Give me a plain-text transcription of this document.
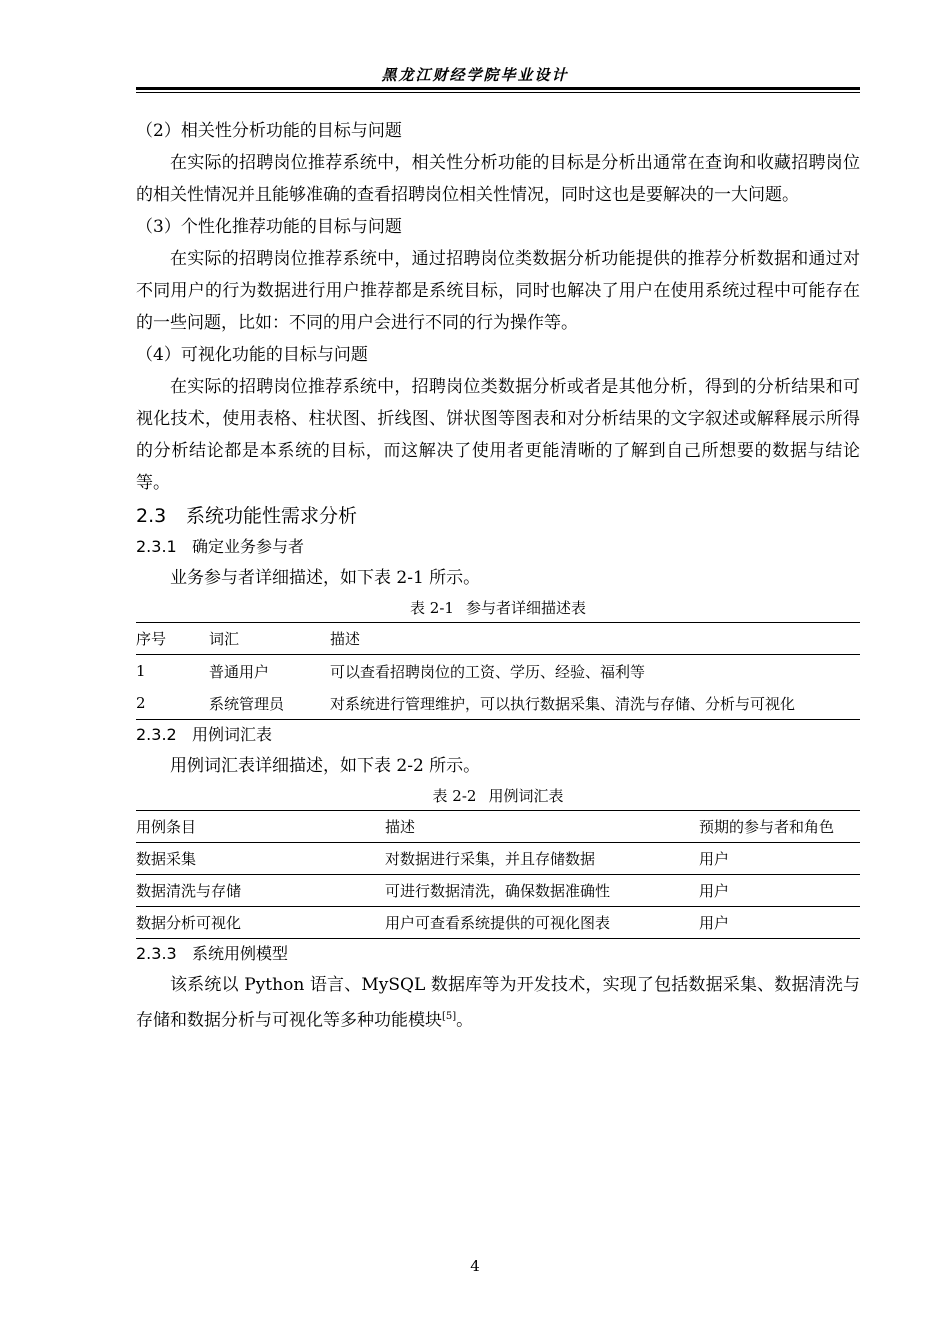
黑龙江财经学院毕业设计
（2）相关性分析功能的目标与问题

在实际的招聘岗位推荐系统中，相关性分析功能的目标是分析出通常在查询和收藏招聘岗位的相关性情况并且能够准确的查看招聘岗位相关性情况，同时这也是要解决的一大问题。

（3）个性化推荐功能的目标与问题

在实际的招聘岗位推荐系统中，通过招聘岗位类数据分析功能提供的推荐分析数据和通过对不同用户的行为数据进行用户推荐都是系统目标，同时也解决了用户在使用系统过程中可能存在的一些问题，比如：不同的用户会进行不同的行为操作等。

（4）可视化功能的目标与问题

在实际的招聘岗位推荐系统中，招聘岗位类数据分析或者是其他分析，得到的分析结果和可视化技术，使用表格、柱状图、折线图、饼状图等图表和对分析结果的文字叙述或解释展示所得的分析结论都是本系统的目标，而这解决了使用者更能清晰的了解到自己所想要的数据与结论等。

2.3 系统功能性需求分析
2.3.1 确定业务参与者

业务参与者详细描述，如下表 2-1 所示。

表 2-1 参与者详细描述表
序号	词汇	描述
1	普通用户	可以查看招聘岗位的工资、学历、经验、福利等
2	系统管理员	对系统进行管理维护，可以执行数据采集、清洗与存储、分析与可视化
2.3.2 用例词汇表

用例词汇表详细描述，如下表 2-2 所示。

表 2-2 用例词汇表
用例条目	描述	预期的参与者和角色
数据采集	对数据进行采集，并且存储数据	用户
数据清洗与存储	可进行数据清洗，确保数据准确性	用户
数据分析可视化	用户可查看系统提供的可视化图表	用户
2.3.3 系统用例模型

该系统以 Python 语言、MySQL 数据库等为开发技术，实现了包括数据采集、数据清洗与存储和数据分析与可视化等多种功能模块[5]。

4
